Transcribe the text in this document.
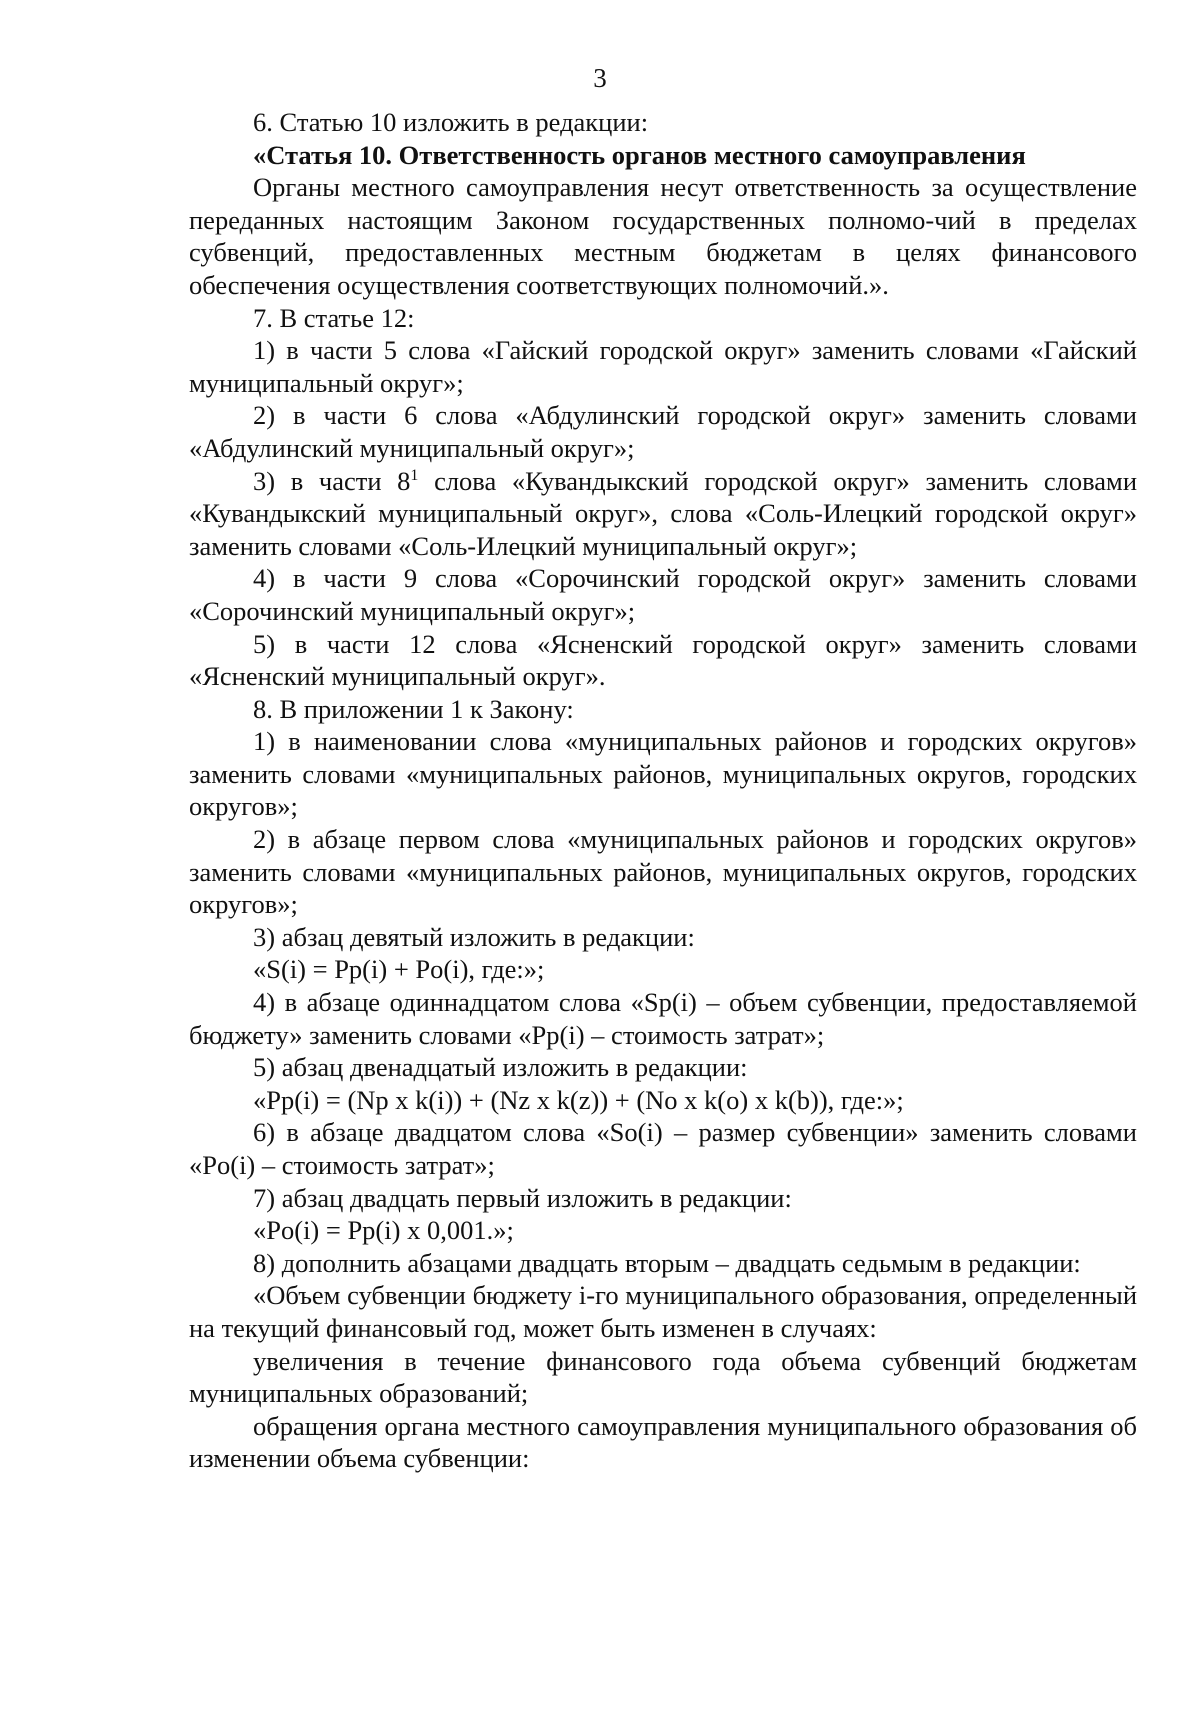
3

6. Статью 10 изложить в редакции:

«Статья 10. Ответственность органов местного самоуправления

Органы местного самоуправления несут ответственность за осуществление переданных настоящим Законом государственных полномо-чий в пределах субвенций, предоставленных местным бюджетам в целях финансового обеспечения осуществления соответствующих полномочий.».

7. В статье 12:

1) в части 5 слова «Гайский городской округ» заменить словами «Гайский муниципальный округ»;

2) в части 6 слова «Абдулинский городской округ» заменить словами «Абдулинский муниципальный округ»;

3) в части $8^1$ слова «Кувандыкский городской округ» заменить словами «Кувандыкский муниципальный округ», слова «Соль-Илецкий городской округ» заменить словами «Соль-Илецкий муниципальный округ»;

4) в части 9 слова «Сорочинский городской округ» заменить словами «Сорочинский муниципальный округ»;

5) в части 12 слова «Ясненский городской округ» заменить словами «Ясненский муниципальный округ».

8. В приложении 1 к Закону:

1) в наименовании слова «муниципальных районов и городских округов» заменить словами «муниципальных районов, муниципальных округов, городских округов»;

2) в абзаце первом слова «муниципальных районов и городских округов» заменить словами «муниципальных районов, муниципальных округов, городских округов»;

3) абзац девятый изложить в редакции:

«S(i) = Pp(i) + Po(i), где:»;

4) в абзаце одиннадцатом слова «Sp(i) – объем субвенции, предоставляемой бюджету» заменить словами «Pp(i) – стоимость затрат»;

5) абзац двенадцатый изложить в редакции:

«Pp(i) = (Np x k(i)) + (Nz x k(z)) + (No x k(o) x k(b)), где:»;

6) в абзаце двадцатом слова «So(i) – размер субвенции» заменить словами «Po(i) – стоимость затрат»;

7) абзац двадцать первый изложить в редакции:

«Po(i) = Pp(i) x 0,001.»;

8) дополнить абзацами двадцать вторым – двадцать седьмым в редакции:

«Объем субвенции бюджету i-го муниципального образования, определенный на текущий финансовый год, может быть изменен в случаях:

увеличения в течение финансового года объема субвенций бюджетам муниципальных образований;

обращения органа местного самоуправления муниципального образования об изменении объема субвенции:
